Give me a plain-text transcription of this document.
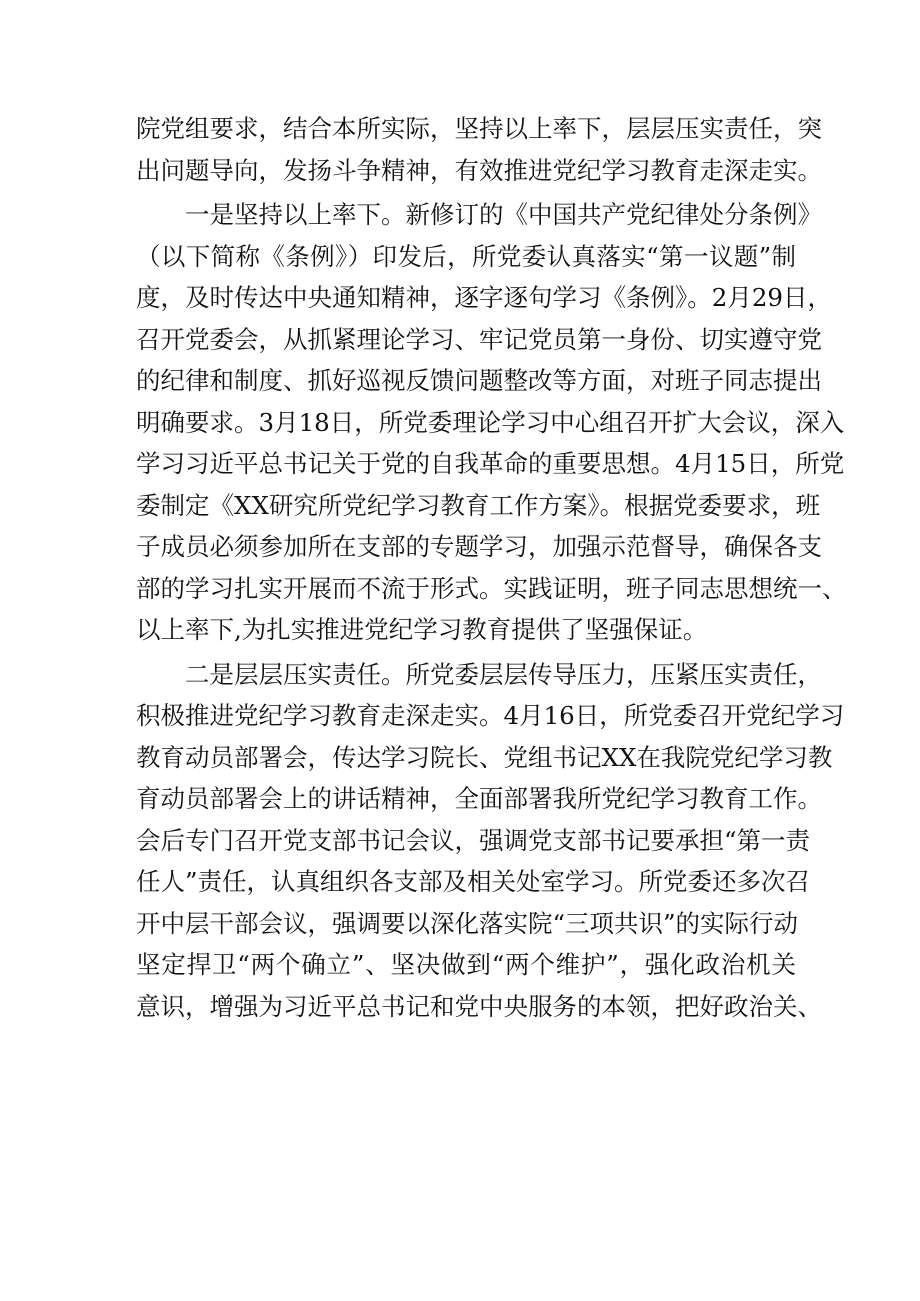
院党组要求，结合本所实际，坚持以上率下，层层压实责任，突
出问题导向，发扬斗争精神，有效推进党纪学习教育走深走实。
一是坚持以上率下。新修订的《中国共产党纪律处分条例》
（以下简称《条例》）印发后，所党委认真落实“第一议题”制
度，及时传达中央通知精神，逐字逐句学习《条例》。2月29日，
召开党委会，从抓紧理论学习、牢记党员第一身份、切实遵守党
的纪律和制度、抓好巡视反馈问题整改等方面，对班子同志提出
明确要求。3月18日，所党委理论学习中心组召开扩大会议，深入
学习习近平总书记关于党的自我革命的重要思想。4月15日，所党
委制定《XX研究所党纪学习教育工作方案》。根据党委要求，班
子成员必须参加所在支部的专题学习，加强示范督导，确保各支
部的学习扎实开展而不流于形式。实践证明，班子同志思想统一、
以上率下,为扎实推进党纪学习教育提供了坚强保证。
二是层层压实责任。所党委层层传导压力，压紧压实责任，
积极推进党纪学习教育走深走实。4月16日，所党委召开党纪学习
教育动员部署会，传达学习院长、党组书记XX在我院党纪学习教
育动员部署会上的讲话精神，全面部署我所党纪学习教育工作。
会后专门召开党支部书记会议，强调党支部书记要承担“第一责
任人”责任，认真组织各支部及相关处室学习。所党委还多次召
开中层干部会议，强调要以深化落实院“三项共识”的实际行动
坚定捍卫“两个确立”、坚决做到“两个维护”，强化政治机关
意识，增强为习近平总书记和党中央服务的本领，把好政治关、
